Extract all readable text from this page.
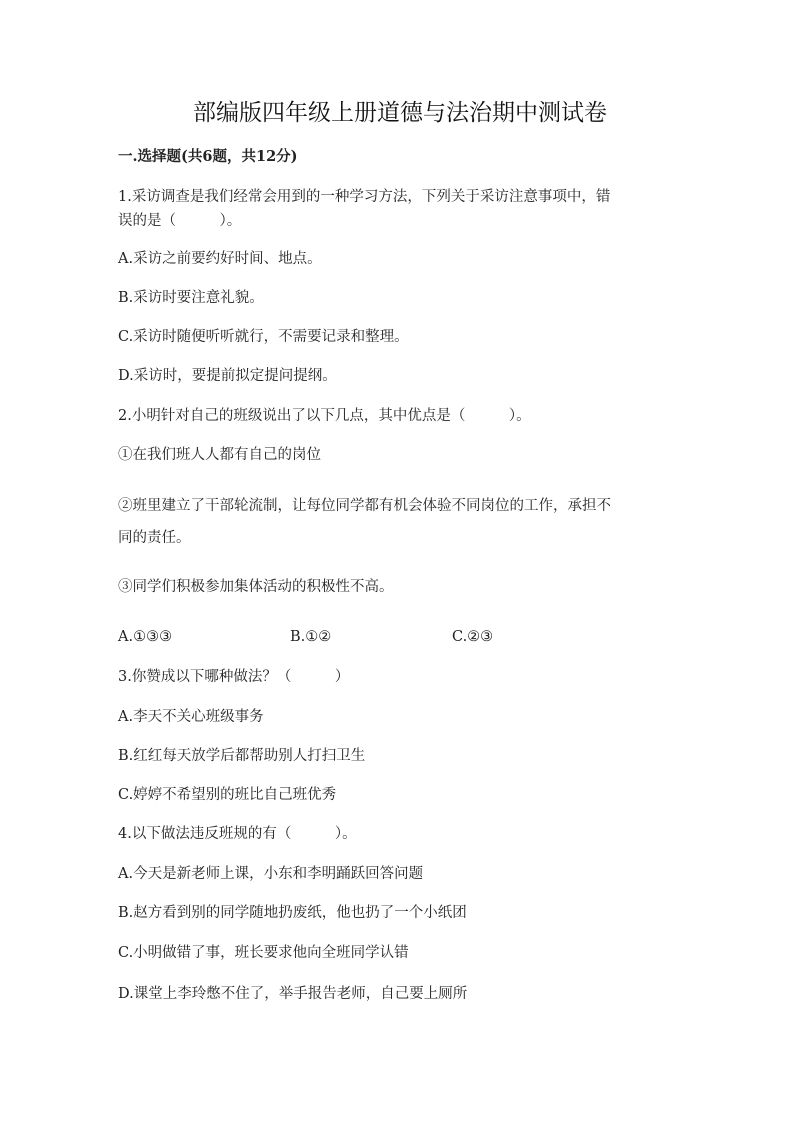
部编版四年级上册道德与法治期中测试卷
一.选择题(共6题，共12分)
1.采访调查是我们经常会用到的一种学习方法，下列关于采访注意事项中，错
误的是（　　　）。
A.采访之前要约好时间、地点。
B.采访时要注意礼貌。
C.采访时随便听听就行，不需要记录和整理。
D.采访时，要提前拟定提问提纲。
2.小明针对自己的班级说出了以下几点，其中优点是（　　　）。
①在我们班人人都有自己的岗位
②班里建立了干部轮流制，让每位同学都有机会体验不同岗位的工作，承担不
同的责任。
③同学们积极参加集体活动的积极性不高。
A.①③③	B.①②	C.②③
3.你赞成以下哪种做法？（　　　）
A.李天不关心班级事务
B.红红每天放学后都帮助别人打扫卫生
C.婷婷不希望别的班比自己班优秀
4.以下做法违反班规的有（　　　）。
A.今天是新老师上课，小东和李明踊跃回答问题
B.赵方看到别的同学随地扔废纸，他也扔了一个小纸团
C.小明做错了事，班长要求他向全班同学认错
D.课堂上李玲憋不住了，举手报告老师，自己要上厕所
